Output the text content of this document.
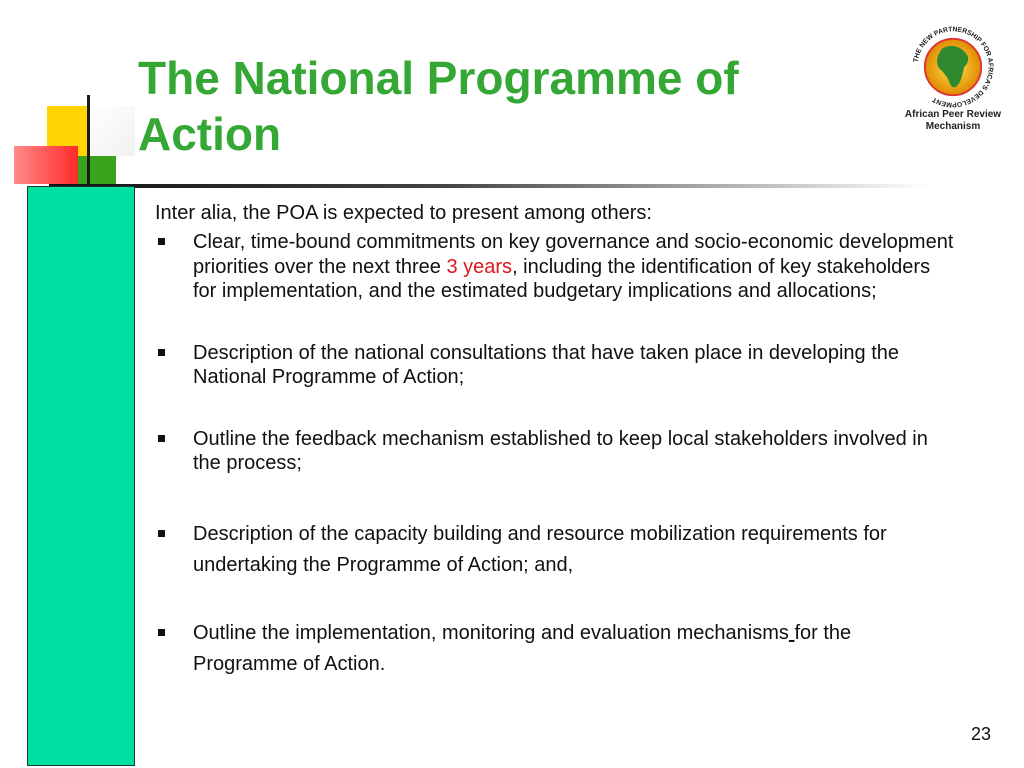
The National Programme of Action
THE NEW PARTNERSHIP FOR AFRICA'S DEVELOPMENT
African Peer Review
Mechanism

Inter alia, the POA is expected to present among others:

Clear, time-bound commitments on key governance and socio-economic development priorities over the next three 3 years, including the identification of key stakeholders for implementation, and the estimated budgetary implications and allocations;
Description of the national consultations that have taken place in developing the National Programme of Action;
Outline the feedback mechanism established to keep local stakeholders involved in the process;
Description of the capacity building and resource mobilization requirements for undertaking the Programme of Action; and,
Outline the implementation, monitoring and evaluation mechanisms for the Programme of Action.
23
